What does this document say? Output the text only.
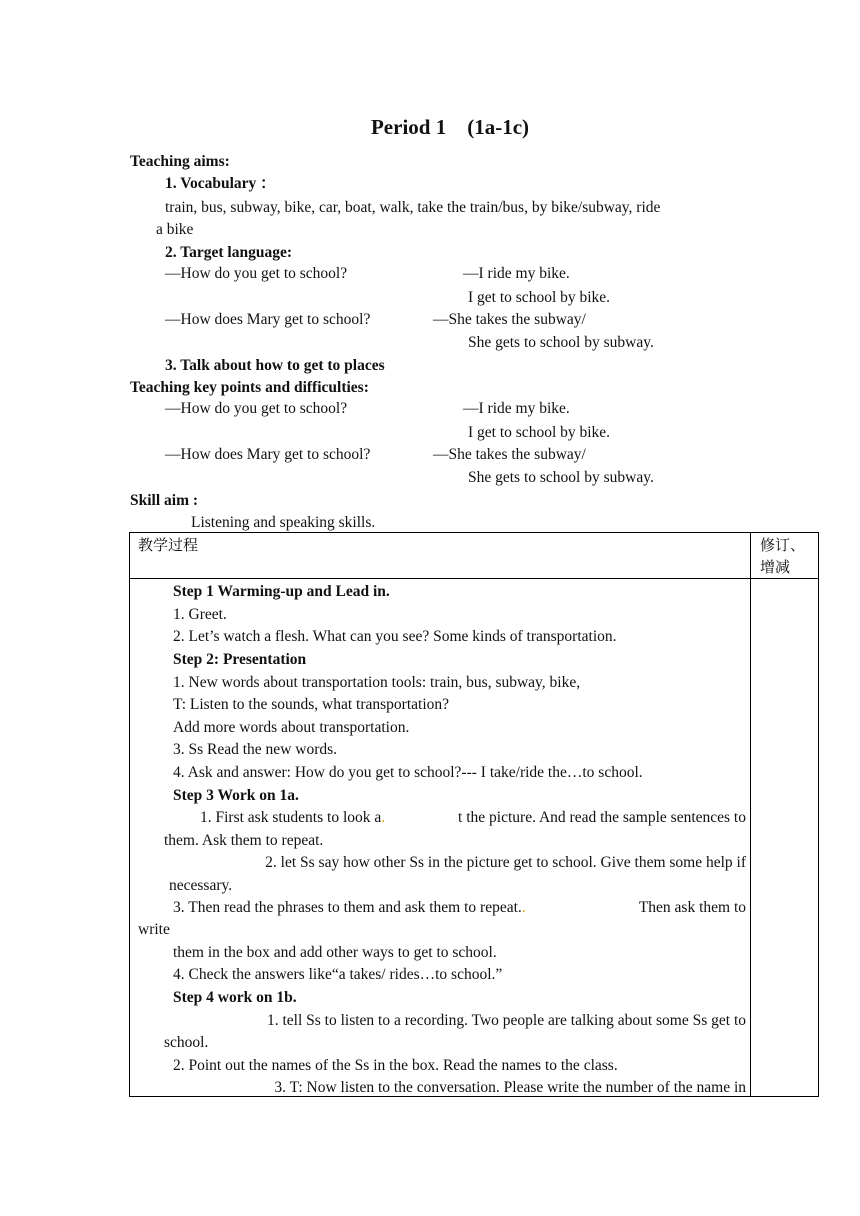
Period 1    (1a-1c)
Teaching aims:
1. Vocabulary ：
train, bus, subway, bike, car, boat, walk, take the train/bus, by bike/subway, ride
a bike
2. Target language:
—How do you get to school?	—I ride my bike.
I get to school by bike.
—How does Mary get to school?	—She takes the subway/
She gets to school by subway.
3. Talk about how to get to places
Teaching key points and difficulties:
—How do you get to school?	—I ride my bike.
I get to school by bike.
—How does Mary get to school?	—She takes the subway/
She gets to school by subway.
Skill aim :
Listening and speaking skills.
教学过程	修订、
增减
Step 1 Warming-up and Lead in.
1. Greet.
2. Let’s watch a flesh. What can you see? Some kinds of transportation.
Step 2: Presentation
1. New words about transportation tools: train, bus, subway, bike,
T: Listen to the sounds, what transportation?
Add more words about transportation.
3. Ss Read the new words.
4. Ask and answer: How do you get to school?--- I take/ride the…to school.
Step 3 Work on 1a.
1. First ask students to look a.	t the picture. And read the sample sentences to
them. Ask them to repeat.
2. let Ss say how other Ss in the picture get to school. Give them some help if
necessary.
3. Then read the phrases to them and ask them to repeat..	Then ask them to
write
them in the box and add other ways to get to school.
4. Check the answers like“a takes/ rides…to school.”
Step 4 work on 1b.
1. tell Ss to listen to a recording. Two people are talking about some Ss get to
school.
2. Point out the names of the Ss in the box. Read the names to the class.
3. T: Now listen to the conversation. Please write the number of the name in
